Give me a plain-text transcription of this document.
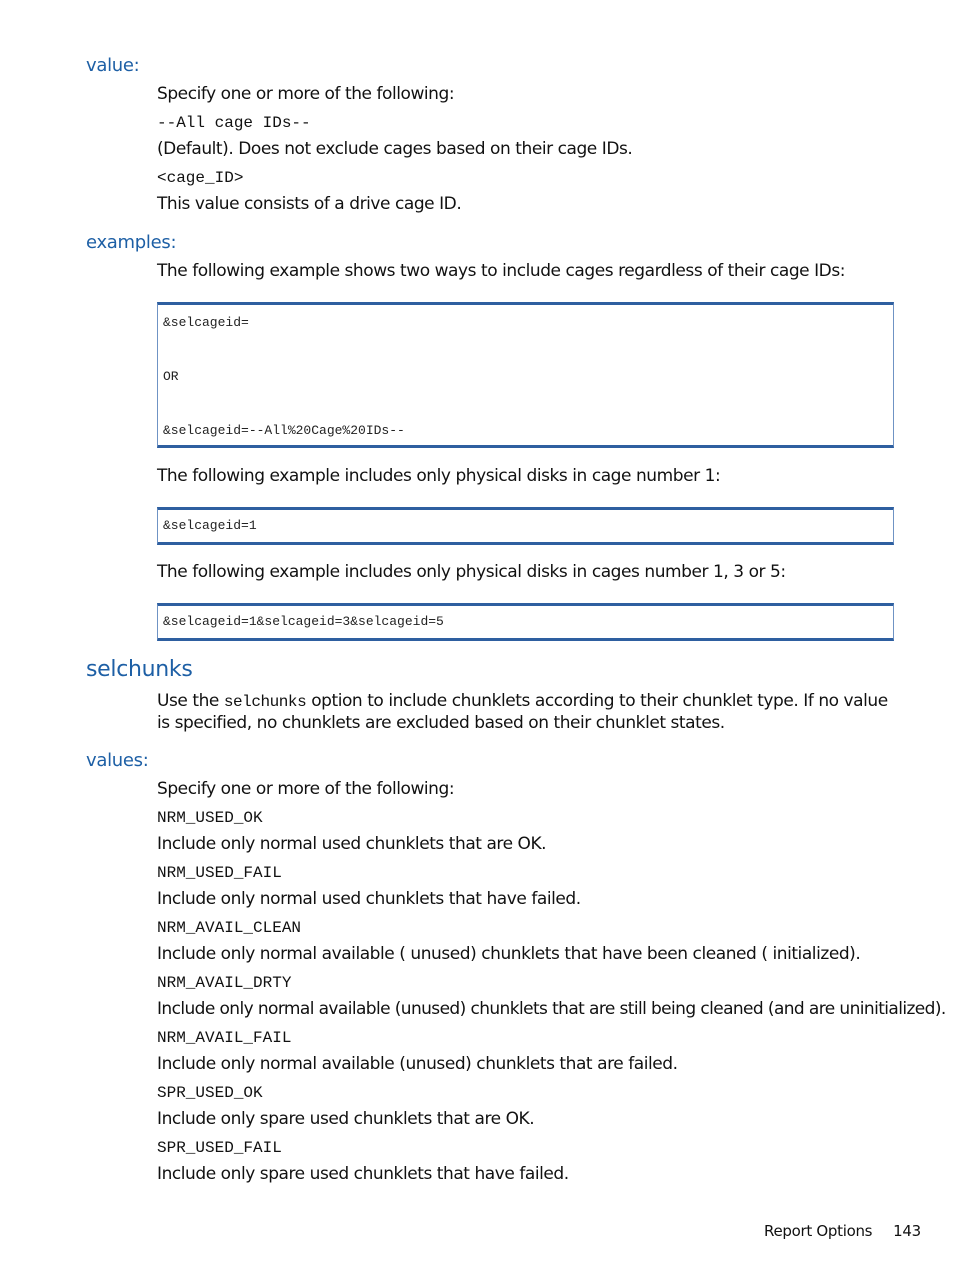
value:
Specify one or more of the following:
--All cage IDs--
(Default). Does not exclude cages based on their cage IDs.
<cage_ID>
This value consists of a drive cage ID.
examples:
The following example shows two ways to include cages regardless of their cage IDs:
&selcageid=
OR
&selcageid=--All%20Cage%20IDs--
The following example includes only physical disks in cage number 1:
&selcageid=1
The following example includes only physical disks in cages number 1, 3 or 5:
&selcageid=1&selcageid=3&selcageid=5
selchunks
Use the selchunks option to include chunklets according to their chunklet type. If no value is specified, no chunklets are excluded based on their chunklet states.
values:
Specify one or more of the following:
NRM_USED_OK
Include only normal used chunklets that are OK.
NRM_USED_FAIL
Include only normal used chunklets that have failed.
NRM_AVAIL_CLEAN
Include only normal available ( unused) chunklets that have been cleaned ( initialized).
NRM_AVAIL_DRTY
Include only normal available (unused) chunklets that are still being cleaned (and are uninitialized).
NRM_AVAIL_FAIL
Include only normal available (unused) chunklets that are failed.
SPR_USED_OK
Include only spare used chunklets that are OK.
SPR_USED_FAIL
Include only spare used chunklets that have failed.
Report Options 143
